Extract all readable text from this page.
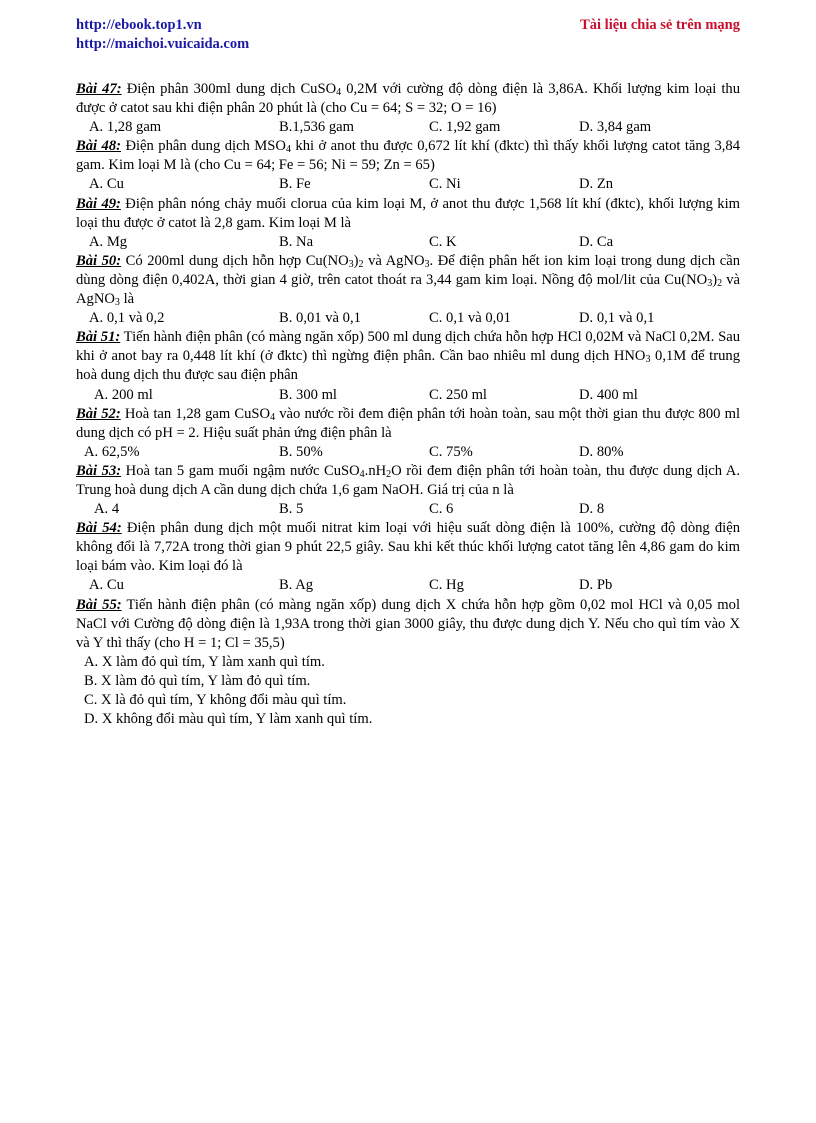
http://ebook.top1.vn
http://maichoi.vuicaida.com
Tài liệu chia sẻ trên mạng

Bài 47: Điện phân 300ml dung dịch CuSO$_4$ 0,2M với cường độ dòng điện là 3,86A. Khối lượng kim loại thu được ở catot sau khi điện phân 20 phút là (cho Cu = 64; S = 32; O = 16)

A. 1,28 gam	B.1,536 gam	C. 1,92 gam	D. 3,84 gam

Bài 48: Điện phân dung dịch $MSO_4$ khi ở anot thu được 0,672 lít khí (đktc) thì thấy khối lượng catot tăng 3,84 gam. Kim loại M là (cho Cu = 64; Fe = 56; Ni = 59; Zn = 65)

A. Cu	B. Fe	C. Ni	D. Zn

Bài 49: Điện phân nóng chảy muối clorua của kim loại M, ở anot thu được 1,568 lít khí (đktc), khối lượng kim loại thu được ở catot là 2,8 gam. Kim loại M là

A. Mg	B. Na	C. K	D. Ca

Bài 50: Có 200ml dung dịch hỗn hợp $Cu(NO_3)_2$ và AgNO$_3$. Để điện phân hết ion kim loại trong dung dịch cần dùng dòng điện 0,402A, thời gian 4 giờ, trên catot thoát ra 3,44 gam kim loại. Nồng độ mol/lit của $Cu(NO_3)_2$ và AgNO$_3$ là

A. 0,1 và 0,2	B. 0,01 và 0,1	C. 0,1 và 0,01	D. 0,1 và 0,1

Bài 51: Tiến hành điện phân (có màng ngăn xốp) 500 ml dung dịch chứa hỗn hợp HCl 0,02M và NaCl 0,2M. Sau khi ở anot bay ra 0,448 lít khí (ở đktc) thì ngừng điện phân. Cần bao nhiêu ml dung dịch $HNO_3$ 0,1M để trung hoà dung dịch thu được sau điện phân

A. 200 ml	B. 300 ml	C. 250 ml	D. 400 ml

Bài 52: Hoà tan 1,28 gam CuSO$_4$ vào nước rồi đem điện phân tới hoàn toàn, sau một thời gian thu được 800 ml dung dịch có pH = 2. Hiệu suất phản ứng điện phân là

A. 62,5%	B. 50%	C. 75%	D. 80%

Bài 53: Hoà tan 5 gam muối ngậm nước $CuSO_4.nH_2O$ rồi đem điện phân tới hoàn toàn, thu được dung dịch A. Trung hoà dung dịch A cần dung dịch chứa 1,6 gam NaOH. Giá trị của n là

A. 4	B. 5	C. 6	D. 8

Bài 54: Điện phân dung dịch một muối nitrat kim loại với hiệu suất dòng điện là 100%, cường độ dòng điện không đổi là 7,72A trong thời gian 9 phút 22,5 giây. Sau khi kết thúc khối lượng catot tăng lên 4,86 gam do kim loại bám vào. Kim loại đó là

A. Cu	B. Ag	C. Hg	D. Pb

Bài 55: Tiến hành điện phân (có màng ngăn xốp) dung dịch X chứa hỗn hợp gồm 0,02 mol HCl và 0,05 mol NaCl với Cường độ dòng điện là 1,93A trong thời gian 3000 giây, thu được dung dịch Y. Nếu cho quì tím vào X và Y thì thấy (cho H = 1; Cl = 35,5)

A. X làm đỏ quì tím, Y làm xanh quì tím.

B. X làm đỏ quì tím, Y làm đỏ quì tím.

C. X là đỏ quì tím, Y không đổi màu quì tím.

D. X không đổi màu quì tím, Y làm xanh quì tím.
